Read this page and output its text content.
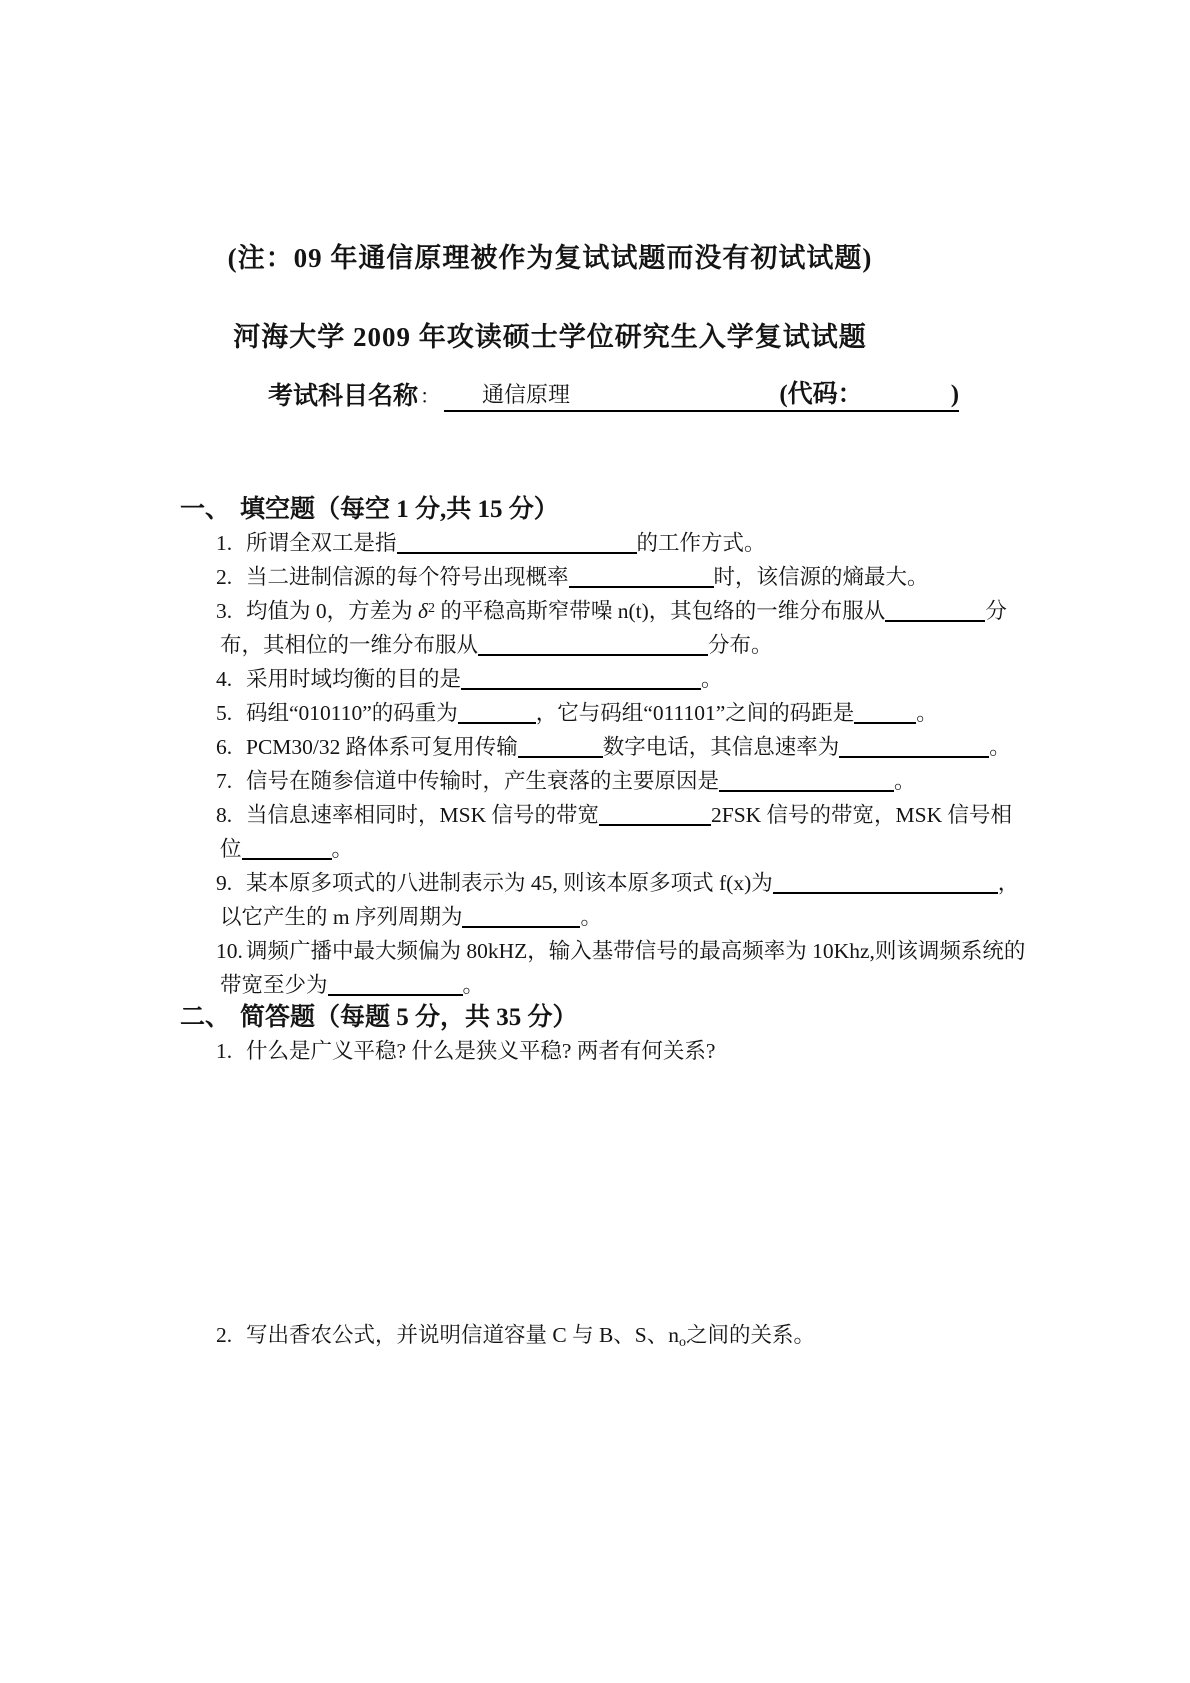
(注：09 年通信原理被作为复试试题而没有初试试题)
河海大学 2009 年攻读硕士学位研究生入学复试试题
考试科目名称 ： 通信原理	(代码：	)
一、 填空题（每空 1 分,共 15 分）
1. 所谓全双工是指	的工作方式。
2. 当二进制信源的每个符号出现概率	时，该信源的熵最大。
3. 均值为 0，方差为 $\delta^2$ 的平稳高斯窄带噪 n(t)，其包络的一维分布服从	分
布，其相位的一维分布服从	分布。
4. 采用时域均衡的目的是	。
5. 码组“010110”的码重为	，它与码组“011101”之间的码距是	。
6. PCM30/32 路体系可复用传输	数字电话，其信息速率为	。
7. 信号在随参信道中传输时，产生衰落的主要原因是	。
8. 当信息速率相同时，MSK 信号的带宽	2FSK 信号的带宽，MSK 信号相
位	。
9. 某本原多项式的八进制表示为 45, 则该本原多项式 f(x)为	，
以它产生的 m 序列周期为	。
10. 调频广播中最大频偏为 80kHZ，输入基带信号的最高频率为 10Khz,则该调频系统的
带宽至少为	。
二、 简答题（每题 5 分，共 35 分）
1. 什么是广义平稳? 什么是狭义平稳? 两者有何关系?
2. 写出香农公式，并说明信道容量 C 与 B、S、$n_o$之间的关系。
